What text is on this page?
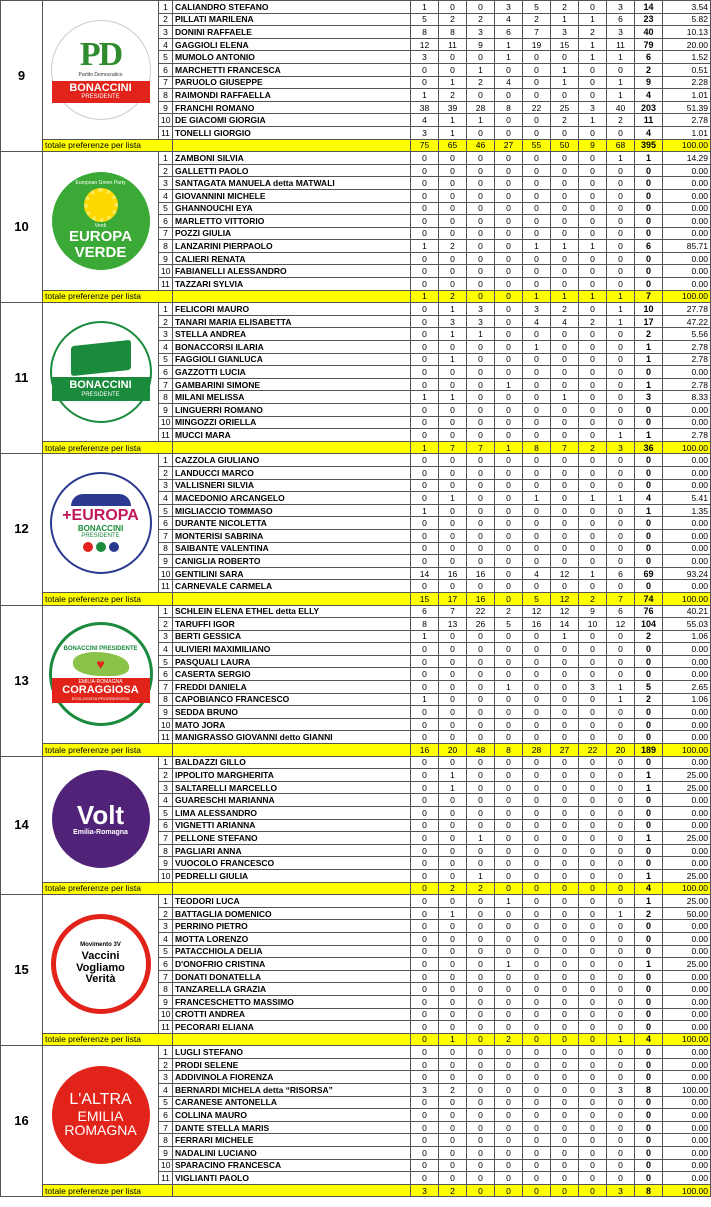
9	PD
Partito Democratico
BONACCINI
PRESIDENTE	1	CALIANDRO STEFANO	1	0	0	3	5	2	0	3	14	3.54
		2	PILLATI MARILENA	5	2	2	4	2	1	1	6	23	5.82
		3	DONINI RAFFAELE	8	8	3	6	7	3	2	3	40	10.13
		4	GAGGIOLI ELENA	12	11	9	1	19	15	1	11	79	20.00
		5	MUMOLO ANTONIO	3	0	0	1	0	0	1	1	6	1.52
		6	MARCHETTI FRANCESCA	0	0	1	0	0	1	0	0	2	0.51
		7	PARUOLO GIUSEPPE	0	1	2	4	0	1	0	1	9	2.28
		8	RAIMONDI RAFFAELLA	1	2	0	0	0	0	0	1	4	1.01
		9	FRANCHI ROMANO	38	39	28	8	22	25	3	40	203	51.39
		10	DE GIACOMI GIORGIA	4	1	1	0	0	2	1	2	11	2.78
		11	TONELLI GIORGIO	3	1	0	0	0	0	0	0	4	1.01
	totale preferenze per lista			75	65	46	27	55	50	9	68	395	100.00
10	European Green Party
Verdi
EUROPA
VERDE	1	ZAMBONI SILVIA	0	0	0	0	0	0	0	1	1	14.29
		2	GALLETTI PAOLO	0	0	0	0	0	0	0	0	0	0.00
		3	SANTAGATA MANUELA detta MATWALI	0	0	0	0	0	0	0	0	0	0.00
		4	GIOVANNINI MICHELE	0	0	0	0	0	0	0	0	0	0.00
		5	GHANNOUCHI EYA	0	0	0	0	0	0	0	0	0	0.00
		6	MARLETTO VITTORIO	0	0	0	0	0	0	0	0	0	0.00
		7	POZZI GIULIA	0	0	0	0	0	0	0	0	0	0.00
		8	LANZARINI PIERPAOLO	1	2	0	0	1	1	1	0	6	85.71
		9	CALIERI RENATA	0	0	0	0	0	0	0	0	0	0.00
		10	FABIANELLI ALESSANDRO	0	0	0	0	0	0	0	0	0	0.00
		11	TAZZARI SYLVIA	0	0	0	0	0	0	0	0	0	0.00
	totale preferenze per lista			1	2	0	0	1	1	1	1	7	100.00
11	BONACCINI
PRESIDENTE	1	FELICORI MAURO	0	1	3	0	3	2	0	1	10	27.78
		2	TANARI MARIA ELISABETTA	0	3	3	0	4	4	2	1	17	47.22
		3	STELLA ANDREA	0	1	1	0	0	0	0	0	2	5.56
		4	BONACCORSI ILARIA	0	0	0	0	1	0	0	0	1	2.78
		5	FAGGIOLI GIANLUCA	0	1	0	0	0	0	0	0	1	2.78
		6	GAZZOTTI LUCIA	0	0	0	0	0	0	0	0	0	0.00
		7	GAMBARINI SIMONE	0	0	0	1	0	0	0	0	1	2.78
		8	MILANI MELISSA	1	1	0	0	0	1	0	0	3	8.33
		9	LINGUERRI ROMANO	0	0	0	0	0	0	0	0	0	0.00
		10	MINGOZZI ORIELLA	0	0	0	0	0	0	0	0	0	0.00
		11	MUCCI MARA	0	0	0	0	0	0	0	1	1	2.78
	totale preferenze per lista			1	7	7	1	8	7	2	3	36	100.00
12	+EUROPA
BONACCINI
PRESIDENTE	1	CAZZOLA GIULIANO	0	0	0	0	0	0	0	0	0	0.00
		2	LANDUCCI MARCO	0	0	0	0	0	0	0	0	0	0.00
		3	VALLISNERI SILVIA	0	0	0	0	0	0	0	0	0	0.00
		4	MACEDONIO ARCANGELO	0	1	0	0	1	0	1	1	4	5.41
		5	MIGLIACCIO TOMMASO	1	0	0	0	0	0	0	0	1	1.35
		6	DURANTE NICOLETTA	0	0	0	0	0	0	0	0	0	0.00
		7	MONTERISI SABRINA	0	0	0	0	0	0	0	0	0	0.00
		8	SAIBANTE VALENTINA	0	0	0	0	0	0	0	0	0	0.00
		9	CANIGLIA ROBERTO	0	0	0	0	0	0	0	0	0	0.00
		10	GENTILINI SARA	14	16	16	0	4	12	1	6	69	93.24
		11	CARNEVALE CARMELA	0	0	0	0	0	0	0	0	0	0.00
	totale preferenze per lista			15	17	16	0	5	12	2	7	74	100.00
13	BONACCINI PRESIDENTE
♥
EMILIA-ROMAGNA
CORAGGIOSA
ECOLOGISTA PROGRESSISTA	1	SCHLEIN ELENA ETHEL detta ELLY	6	7	22	2	12	12	9	6	76	40.21
		2	TARUFFI IGOR	8	13	26	5	16	14	10	12	104	55.03
		3	BERTI GESSICA	1	0	0	0	0	1	0	0	2	1.06
		4	ULIVIERI MAXIMILIANO	0	0	0	0	0	0	0	0	0	0.00
		5	PASQUALI LAURA	0	0	0	0	0	0	0	0	0	0.00
		6	CASERTA SERGIO	0	0	0	0	0	0	0	0	0	0.00
		7	FREDDI DANIELA	0	0	0	1	0	0	3	1	5	2.65
		8	CAPOBIANCO FRANCESCO	1	0	0	0	0	0	0	1	2	1.06
		9	SEDDA BRUNO	0	0	0	0	0	0	0	0	0	0.00
		10	MATO JORA	0	0	0	0	0	0	0	0	0	0.00
		11	MANIGRASSO GIOVANNI detto GIANNI	0	0	0	0	0	0	0	0	0	0.00
	totale preferenze per lista			16	20	48	8	28	27	22	20	189	100.00
14	Volt
Emilia-Romagna	1	BALDAZZI GILLO	0	0	0	0	0	0	0	0	0	0.00
		2	IPPOLITO MARGHERITA	0	1	0	0	0	0	0	0	1	25.00
		3	SALTARELLI MARCELLO	0	1	0	0	0	0	0	0	1	25.00
		4	GUARESCHI MARIANNA	0	0	0	0	0	0	0	0	0	0.00
		5	LIMA ALESSANDRO	0	0	0	0	0	0	0	0	0	0.00
		6	VIGNETTI ARIANNA	0	0	0	0	0	0	0	0	0	0.00
		7	PELLONE STEFANO	0	0	1	0	0	0	0	0	1	25.00
		8	PAGLIARI ANNA	0	0	0	0	0	0	0	0	0	0.00
		9	VUOCOLO FRANCESCO	0	0	0	0	0	0	0	0	0	0.00
		10	PEDRELLI GIULIA	0	0	1	0	0	0	0	0	1	25.00
	totale preferenze per lista			0	2	2	0	0	0	0	0	4	100.00
15	Movimento 3V
Vaccini
Vogliamo
Verità	1	TEODORI LUCA	0	0	0	1	0	0	0	0	1	25.00
		2	BATTAGLIA DOMENICO	0	1	0	0	0	0	0	1	2	50.00
		3	PERRINO PIETRO	0	0	0	0	0	0	0	0	0	0.00
		4	MOTTA LORENZO	0	0	0	0	0	0	0	0	0	0.00
		5	PATACCHIOLA DELIA	0	0	0	0	0	0	0	0	0	0.00
		6	D'ONOFRIO CRISTINA	0	0	0	1	0	0	0	0	1	25.00
		7	DONATI DONATELLA	0	0	0	0	0	0	0	0	0	0.00
		8	TANZARELLA GRAZIA	0	0	0	0	0	0	0	0	0	0.00
		9	FRANCESCHETTO MASSIMO	0	0	0	0	0	0	0	0	0	0.00
		10	CROTTI ANDREA	0	0	0	0	0	0	0	0	0	0.00
		11	PECORARI ELIANA	0	0	0	0	0	0	0	0	0	0.00
	totale preferenze per lista			0	1	0	2	0	0	0	1	4	100.00
16	L'ALTRA
EMILIA
ROMAGNA	1	LUGLI STEFANO	0	0	0	0	0	0	0	0	0	0.00
		2	PRODI SELENE	0	0	0	0	0	0	0	0	0	0.00
		3	ADDIVINOLA FIORENZA	0	0	0	0	0	0	0	0	0	0.00
		4	BERNARDI MICHELA detta “RISORSA”	3	2	0	0	0	0	0	3	8	100.00
		5	CARANESE ANTONELLA	0	0	0	0	0	0	0	0	0	0.00
		6	COLLINA MAURO	0	0	0	0	0	0	0	0	0	0.00
		7	DANTE STELLA MARIS	0	0	0	0	0	0	0	0	0	0.00
		8	FERRARI MICHELE	0	0	0	0	0	0	0	0	0	0.00
		9	NADALINI LUCIANO	0	0	0	0	0	0	0	0	0	0.00
		10	SPARACINO FRANCESCA	0	0	0	0	0	0	0	0	0	0.00
		11	VIGLIANTI PAOLO	0	0	0	0	0	0	0	0	0	0.00
	totale preferenze per lista			3	2	0	0	0	0	0	3	8	100.00
